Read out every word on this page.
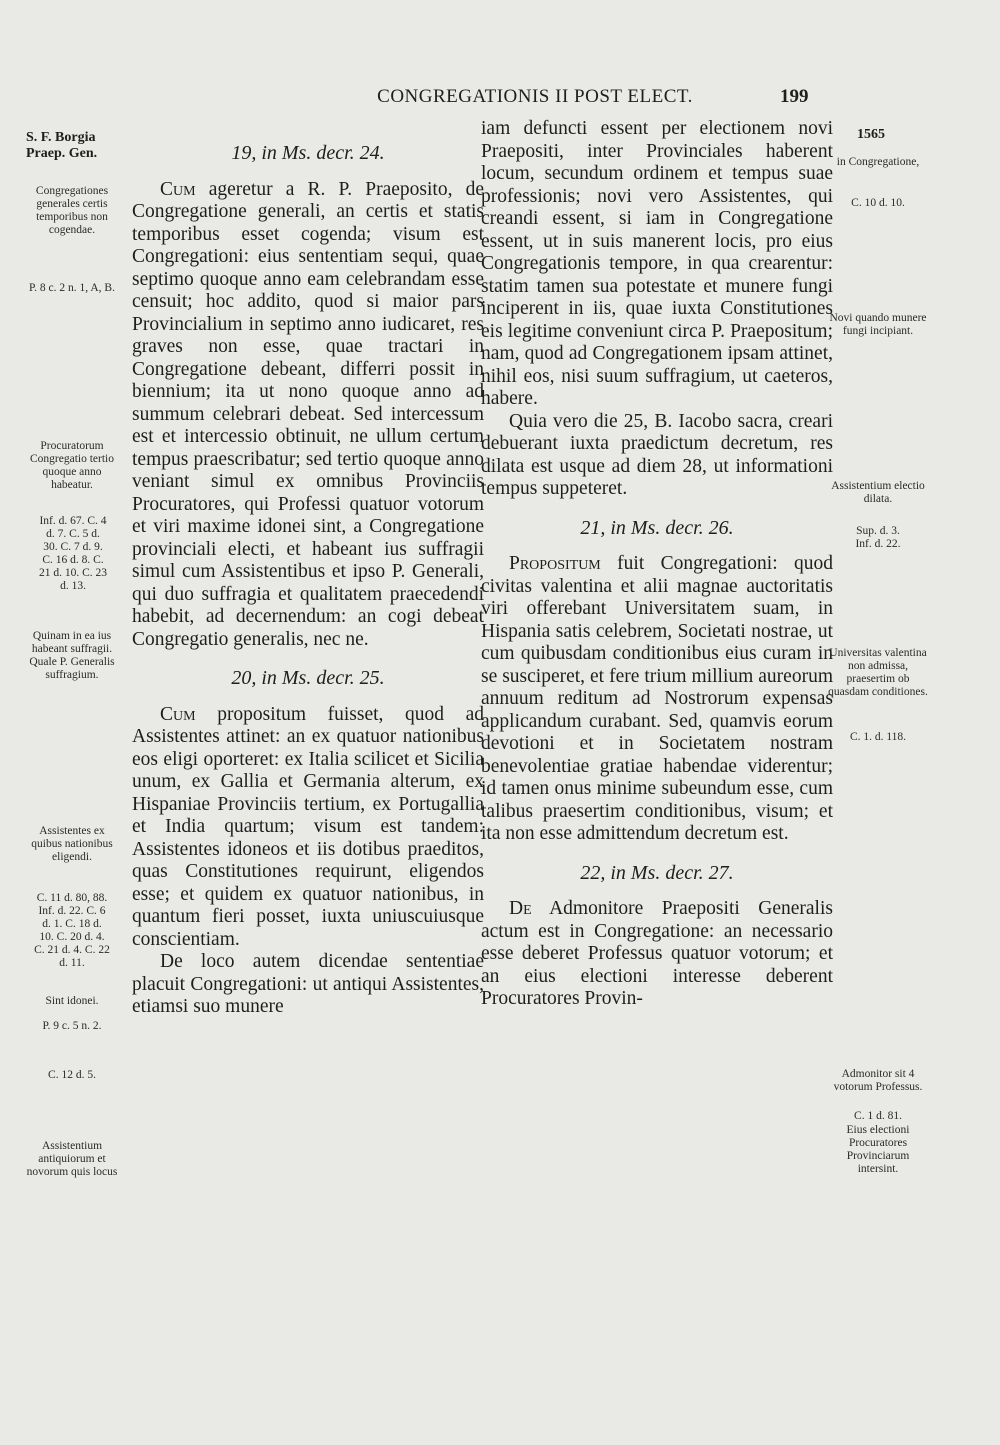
CONGREGATIONIS II POST ELECT.	199
S. F. Borgia
Praep. Gen.
1565
19, in Ms. decr. 24.

Cum agеretur a R. P. Praeposito, de Congregatione generali, an certis et statis temporibus esset cogenda; visum est Congregationi: eius sententiam sequi, quae septimo quoque anno eam celebrandam esse censuit; hoc addito, quod si maior pars Provincialium in septimo anno iudicaret, res graves non esse, quae tractari in Congregatione debeant, differri possit in biennium; ita ut nono quoque anno ad summum celebrari debeat. Sed intercessum est et intercessio obtinuit, ne ullum certum tempus praescribatur; sed tertio quoque anno veniant simul ex omnibus Provinciis Procuratores, qui Professi quatuor votorum et viri maxime idonei sint, a Congregatione provinciali electi, et habeant ius suffragii simul cum Assistentibus et ipso P. Generali, qui duo suffragia et qualitatem praecedendi habebit, ad decernendum: an cogi debeat Congregatio generalis, nec ne.

20, in Ms. decr. 25.

Cum propositum fuisset, quod ad Assistentes attinet: an ex quatuor nationibus eos eligi oporteret: ex Italia scilicet et Sicilia unum, ex Gallia et Germania alterum, ex Hispaniae Provinciis tertium, ex Portugallia et India quartum; visum est tandem: Assistentes idoneos et iis dotibus praeditos, quas Constitutiones requirunt, eligendos esse; et quidem ex quatuor nationibus, in quantum fieri posset, iuxta uniuscuiusque conscientiam.

De loco autem dicendae sententiae placuit Congregationi: ut antiqui Assistentes, etiamsi suo munere

iam defuncti essent per electionem novi Praepositi, inter Provinciales haberent locum, secundum ordinem et tempus suae professionis; novi vero Assistentes, qui creandi essent, si iam in Congregatione essent, ut in suis manerent locis, pro eius Congregationis tempore, in qua crearentur: statim tamen sua potestate et munere fungi inciperent in iis, quae iuxta Constitutiones eis legitime conveniunt circa P. Praepositum; nam, quod ad Congregationem ipsam attinet, nihil eos, nisi suum suffragium, ut caeteros, habere.

Quia vero die 25, B. Iacobo sacra, creari debuerant iuxta praedictum decretum, res dilata est usque ad diem 28, ut informationi tempus suppeteret.

21, in Ms. decr. 26.

Propositum fuit Congregationi: quod civitas valentina et alii magnae auctoritatis viri offerebant Universitatem suam, in Hispania satis celebrem, Societati nostrae, ut cum quibusdam conditionibus eius curam in se susciperet, et fere trium millium aureorum annuum reditum ad Nostrorum expensas applicandum curabant. Sed, quamvis eorum devotioni et in Societatem nostram benevolentiae gratiae habendae viderentur; id tamen onus minime subeundum esse, cum talibus praesertim conditionibus, visum; et ita non esse admittendum decretum est.

22, in Ms. decr. 27.

De Admonitore Praepositi Generalis actum est in Congregatione: an necessario esse deberet Professus quatuor votorum; et an eius electioni interesse deberent Procuratores Provin-

Congregationes generales certis temporibus non cogendae.
P. 8 c. 2 n. 1, A, B.
Procuratorum Congregatio tertio quoque anno habeatur.
Inf. d. 67. C. 4 d. 7. C. 5 d. 30. C. 7 d. 9. C. 16 d. 8. C. 21 d. 10. C. 23 d. 13.
Quinam in ea ius habeant suffragii. Quale P. Generalis suffragium.
Assistentes ex quibus nationibus eligendi.
C. 11 d. 80, 88. Inf. d. 22. C. 6 d. 1. C. 18 d. 10. C. 20 d. 4. C. 21 d. 4. C. 22 d. 11.
Sint idonei.
P. 9 c. 5 n. 2.
C. 12 d. 5.
Assistentium antiquiorum et novorum quis locus
in Congregatione,
C. 10 d. 10.
Novi quando munere fungi incipiant.
Assistentium electio dilata.
Sup. d. 3. Inf. d. 22.
Universitas valentina non admissa, praesertim ob quasdam conditiones.
C. 1. d. 118.
Admonitor sit 4 votorum Professus.
C. 1 d. 81.
Eius electioni Procuratores Provinciarum intersint.
